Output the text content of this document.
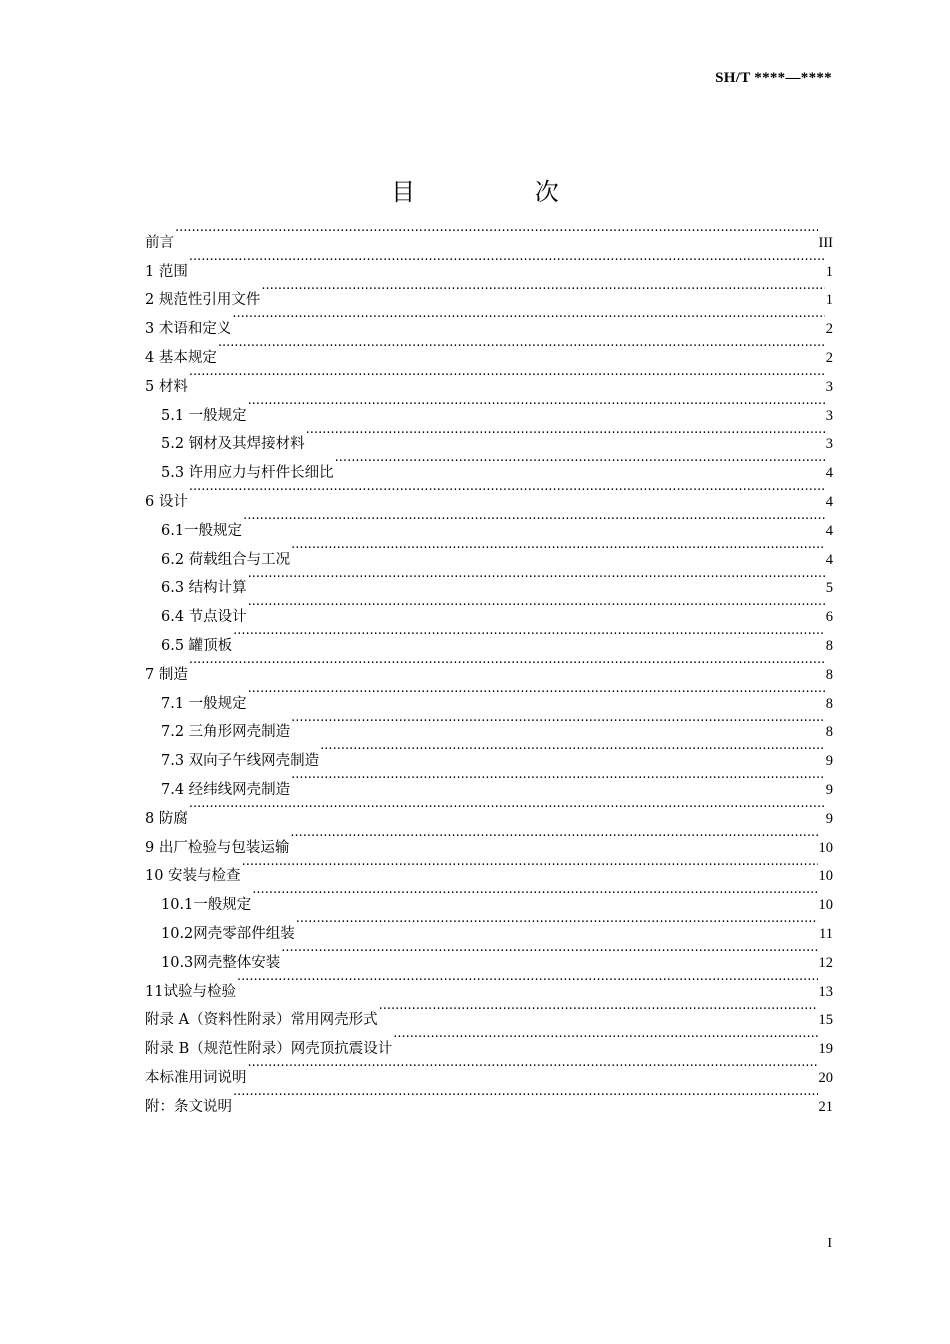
SH/T ****—****
目 次
前言 ·····	III
1 范围 ·····	1
2 规范性引用文件 ·····	1
3 术语和定义 ·····	2
4 基本规定 ·····	2
5 材料 ·····	3
5.1 一般规定 ·····	3
5.2 钢材及其焊接材料 ·····	3
5.3 许用应力与杆件长细比 ·····	4
6 设计 ·····	4
6.1一般规定 ·····	4
6.2 荷载组合与工况 ·····	4
6.3 结构计算 ·····	5
6.4 节点设计 ·····	6
6.5 罐顶板 ·····	8
7 制造 ·····	8
7.1 一般规定 ·····	8
7.2 三角形网壳制造 ·····	8
7.3 双向子午线网壳制造 ·····	9
7.4 经纬线网壳制造 ·····	9
8 防腐 ·····	9
9 出厂检验与包装运输 ·····	10
10 安装与检查 ·····	10
10.1一般规定 ·····	10
10.2网壳零部件组装 ·····	11
10.3网壳整体安装 ·····	12
11试验与检验 ·····	13
附录 A（资料性附录）常用网壳形式 ·····	15
附录 B（规范性附录）网壳顶抗震设计 ·····	19
本标准用词说明 ·····	20
附：条文说明 ·····	21
I
